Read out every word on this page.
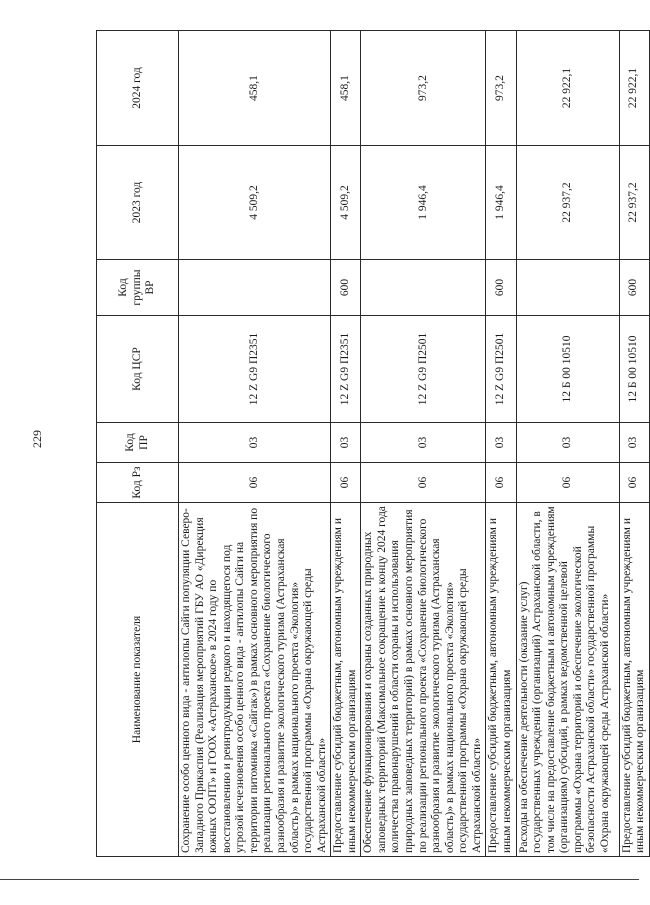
229
Наименование показателя	Код Рз	Код ПР	Код ЦСР	Код группы ВР	2023 год	2024 год
Сохранение особо ценного вида - антилопы Сайги популяции Северо-Западного Прикаспия (Реализация мероприятий ГБУ АО «Дирекция южных ООПТ» и ГООХ «Астраханское» в 2024 году по восстановлению и реинтродукции редкого и находящегося под угрозой исчезновения особо ценного вида - антилопы Сайги на территории питомника «Сайгак») в рамках основного мероприятия по реализации регионального проекта «Сохранение биологического разнообразия и развитие экологического туризма (Астраханская область)» в рамках национального проекта «Экология» государственной программы «Охрана окружающей среды Астраханской области»	06	03	12 Z G9 П2351		4 509,2	458,1
Предоставление субсидий бюджетным, автономным учреждениям и иным некоммерческим организациям	06	03	12 Z G9 П2351	600	4 509,2	458,1
Обеспечение функционирования и охраны созданных природных заповедных территорий (Максимальное сокращение к концу 2024 года количества правонарушений в области охраны и использования природных заповедных территорий) в рамках основного мероприятия по реализации регионального проекта «Сохранение биологического разнообразия и развитие экологического туризма (Астраханская область)» в рамках национального проекта «Экология» государственной программы «Охрана окружающей среды Астраханской области»	06	03	12 Z G9 П2501		1 946,4	973,2
Предоставление субсидий бюджетным, автономным учреждениям и иным некоммерческим организациям	06	03	12 Z G9 П2501	600	1 946,4	973,2
Расходы на обеспечение деятельности (оказание услуг) государственных учреждений (организаций) Астраханской области, в том числе на предоставление бюджетным и автономным учреждениям (организациям) субсидий, в рамках ведомственной целевой программы «Охрана территорий и обеспечение экологической безопасности Астраханской области» государственной программы «Охрана окружающей среды Астраханской области»	06	03	12 Б 00 10510		22 937,2	22 922,1
Предоставление субсидий бюджетным, автономным учреждениям и иным некоммерческим организациям	06	03	12 Б 00 10510	600	22 937,2	22 922,1
